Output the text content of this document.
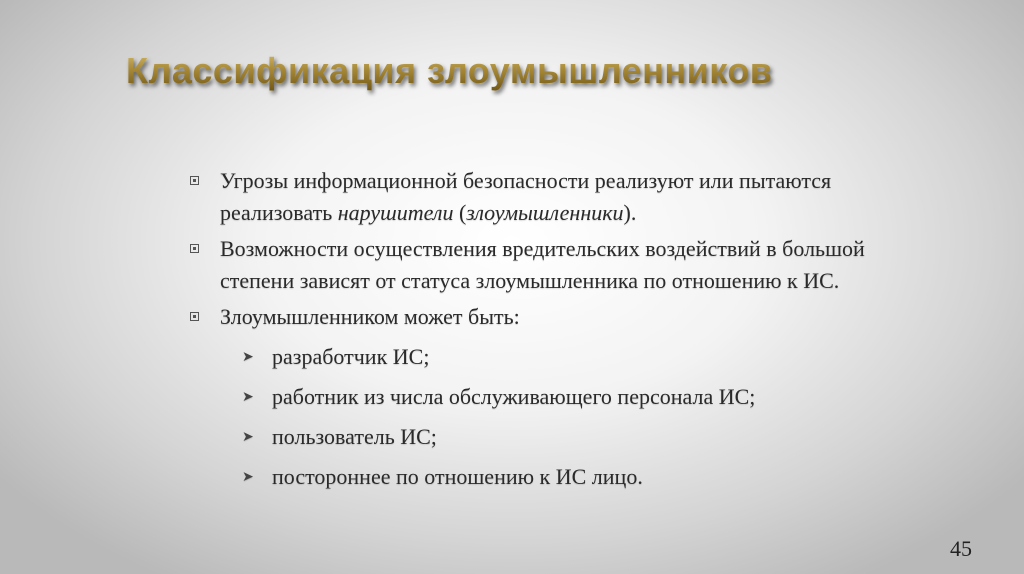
Классификация злоумышленников
Угрозы информационной безопасности реализуют или пытаются реализовать нарушители (злоумышленники).
Возможности осуществления вредительских воздействий в большой степени зависят от статуса злоумышленника по отношению к ИС.
Злоумышленником может быть:
➤ разработчик ИС;
➤ работник из числа обслуживающего персонала ИС;
➤ пользователь ИС;
➤ постороннее по отношению к ИС лицо.
45
